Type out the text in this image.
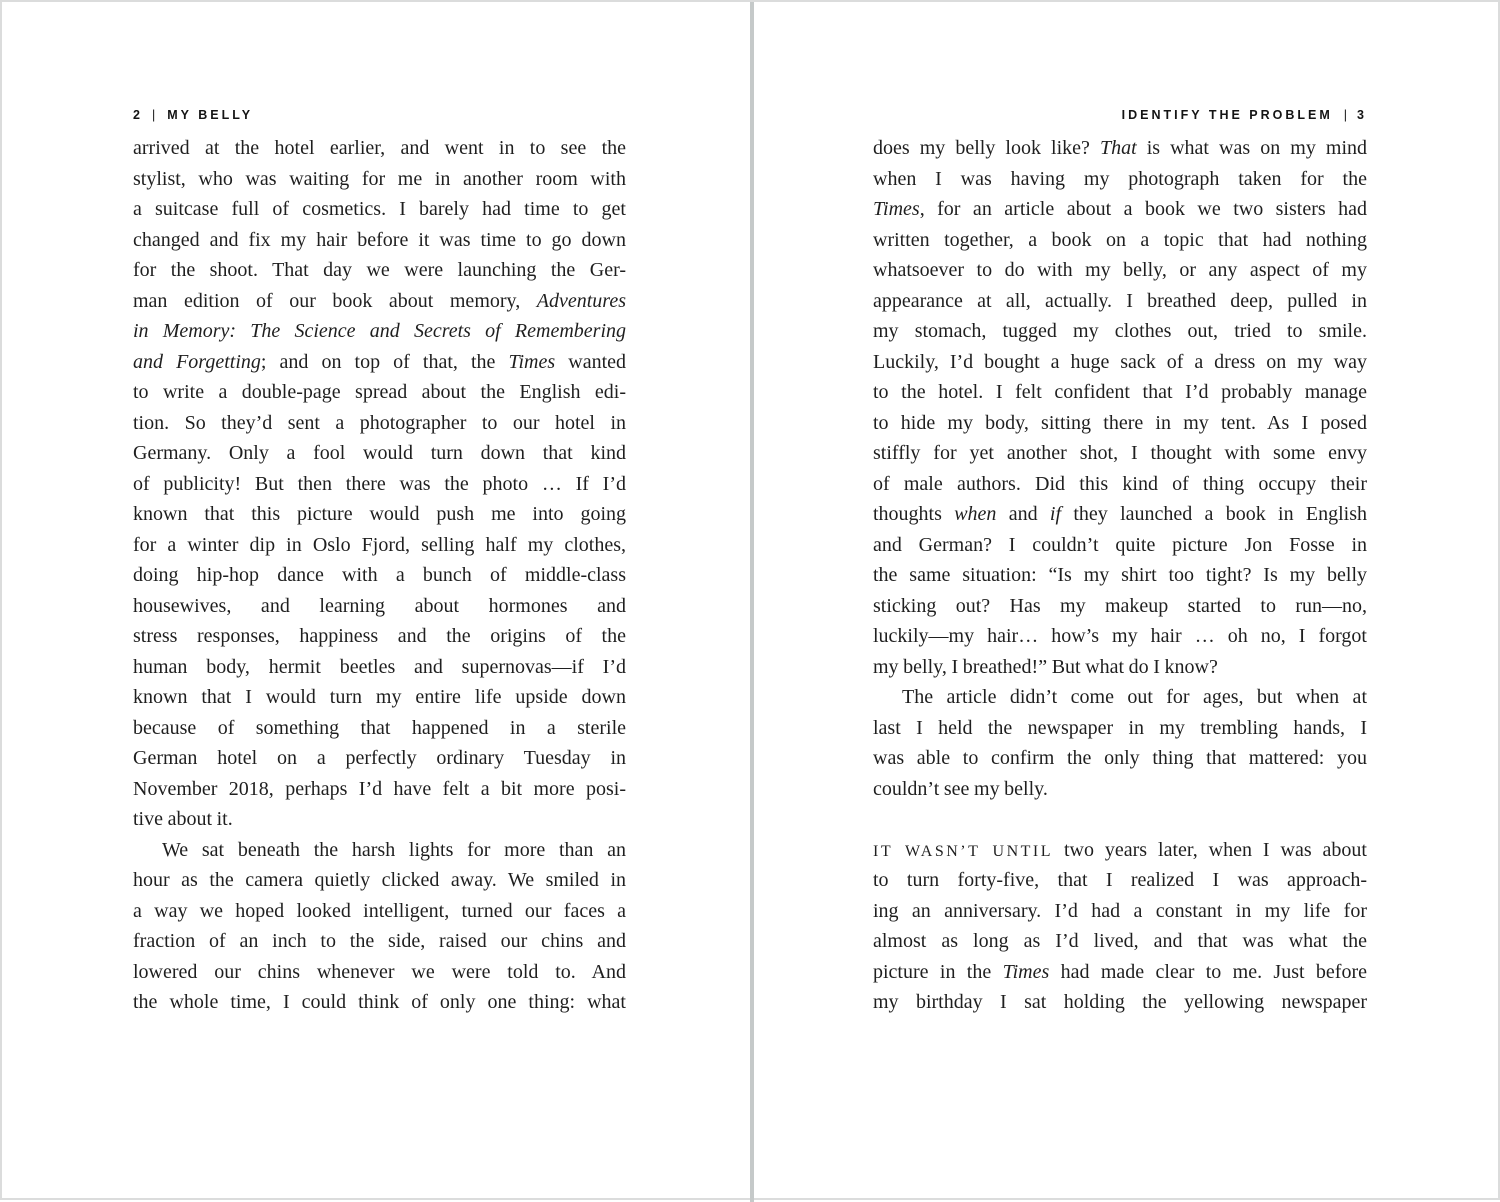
2 | MY BELLY
arrived at the hotel earlier, and went in to see the
stylist, who was waiting for me in another room with
a suitcase full of cosmetics. I barely had time to get
changed and fix my hair before it was time to go down
for the shoot. That day we were launching the Ger-
man edition of our book about memory, Adventures
in Memory: The Science and Secrets of Remembering
and Forgetting; and on top of that, the Times wanted
to write a double-page spread about the English edi-
tion. So they’d sent a photographer to our hotel in
Germany. Only a fool would turn down that kind
of publicity! But then there was the photo … If I’d
known that this picture would push me into going
for a winter dip in Oslo Fjord, selling half my clothes,
doing hip-hop dance with a bunch of middle-class
housewives, and learning about hormones and
stress responses, happiness and the origins of the
human body, hermit beetles and supernovas—if I’d
known that I would turn my entire life upside down
because of something that happened in a sterile
German hotel on a perfectly ordinary Tuesday in
November 2018, perhaps I’d have felt a bit more posi-
tive about it.
We sat beneath the harsh lights for more than an
hour as the camera quietly clicked away. We smiled in
a way we hoped looked intelligent, turned our faces a
fraction of an inch to the side, raised our chins and
lowered our chins whenever we were told to. And
the whole time, I could think of only one thing: what
IDENTIFY THE PROBLEM | 3
does my belly look like? That is what was on my mind
when I was having my photograph taken for the
Times, for an article about a book we two sisters had
written together, a book on a topic that had nothing
whatsoever to do with my belly, or any aspect of my
appearance at all, actually. I breathed deep, pulled in
my stomach, tugged my clothes out, tried to smile.
Luckily, I’d bought a huge sack of a dress on my way
to the hotel. I felt confident that I’d probably manage
to hide my body, sitting there in my tent. As I posed
stiffly for yet another shot, I thought with some envy
of male authors. Did this kind of thing occupy their
thoughts when and if they launched a book in English
and German? I couldn’t quite picture Jon Fosse in
the same situation: “Is my shirt too tight? Is my belly
sticking out? Has my makeup started to run—no,
luckily—my hair… how’s my hair … oh no, I forgot
my belly, I breathed!” But what do I know?
The article didn’t come out for ages, but when at
last I held the newspaper in my trembling hands, I
was able to confirm the only thing that mattered: you
couldn’t see my belly.

IT WASN’T UNTIL two years later, when I was about
to turn forty-five, that I realized I was approach-
ing an anniversary. I’d had a constant in my life for
almost as long as I’d lived, and that was what the
picture in the Times had made clear to me. Just before
my birthday I sat holding the yellowing newspaper
